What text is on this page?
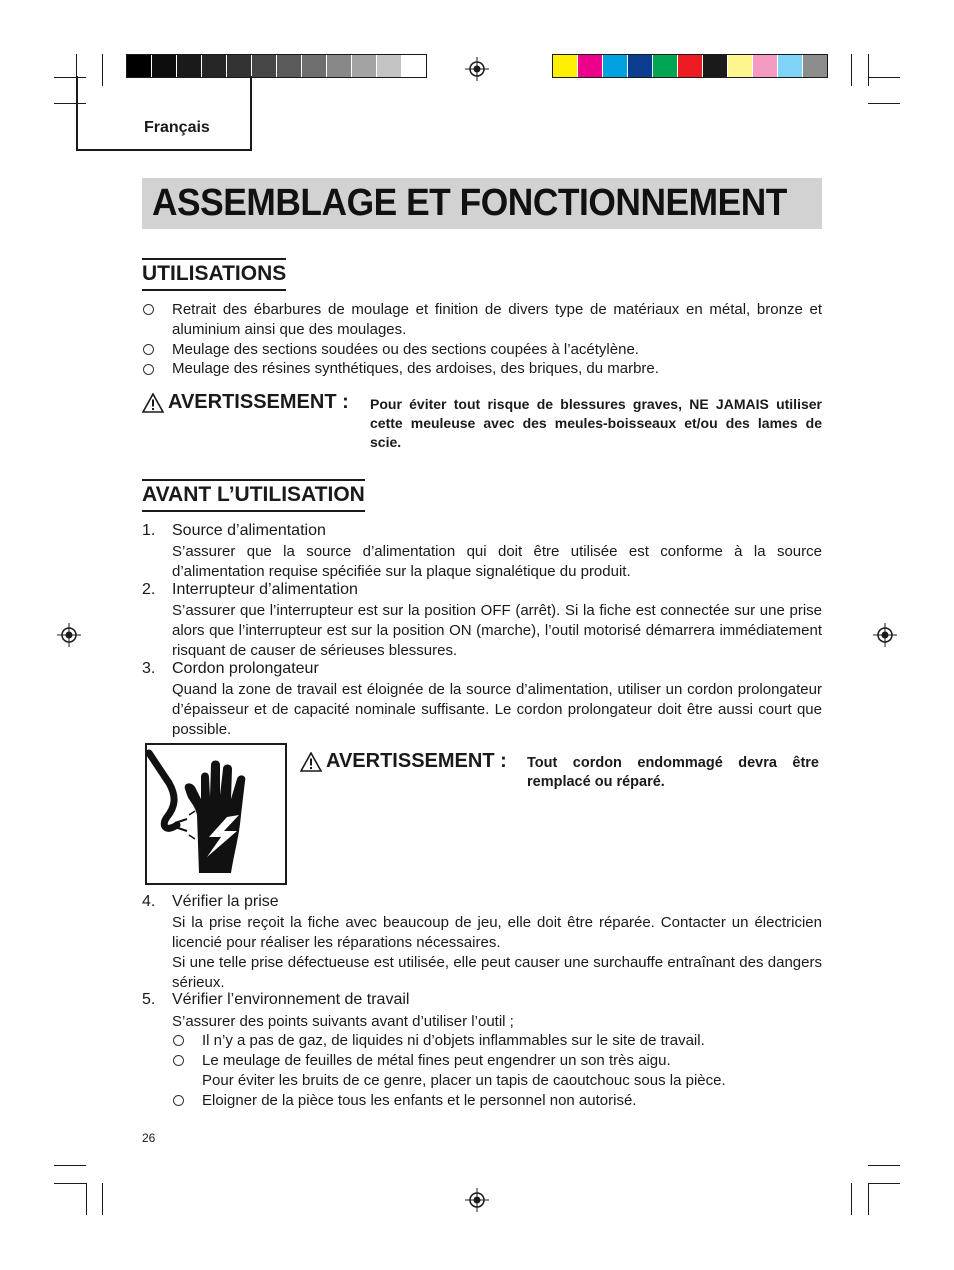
Français
ASSEMBLAGE ET FONCTIONNEMENT
UTILISATIONS
Retrait des ébarbures de moulage et finition de divers type de matériaux en métal, bronze et aluminium ainsi que des moulages.
Meulage des sections soudées ou des sections coupées à l’acétylène.
Meulage des résines synthétiques, des ardoises, des briques, du marbre.
AVERTISSEMENT : Pour éviter tout risque de blessures graves, NE JAMAIS utiliser cette meuleuse avec des meules-boisseaux et/ou des lames de scie.
AVANT L’UTILISATION
1. Source d’alimentation
S’assurer que la source d’alimentation qui doit être utilisée est conforme à la source d’alimentation requise spécifiée sur la plaque signalétique du produit.
2. Interrupteur d’alimentation
S’assurer que l’interrupteur est sur la position OFF (arrêt). Si la fiche est connectée sur une prise alors que l’interrupteur est sur la position ON (marche), l’outil motorisé démarrera immédiatement risquant de causer de sérieuses blessures.
3. Cordon prolongateur
Quand la zone de travail est éloignée de la source d’alimentation, utiliser un cordon prolongateur d’épaisseur et de capacité nominale suffisante. Le cordon prolongateur doit être aussi court que possible.
AVERTISSEMENT : Tout cordon endommagé devra être remplacé ou réparé.
4. Vérifier la prise
Si la prise reçoit la fiche avec beaucoup de jeu, elle doit être réparée. Contacter un électricien licencié pour réaliser les réparations nécessaires.
Si une telle prise défectueuse est utilisée, elle peut causer une surchauffe entraînant des dangers sérieux.
5. Vérifier l’environnement de travail
S’assurer des points suivants avant d’utiliser l’outil ;
Il n’y a pas de gaz, de liquides ni d’objets inflammables sur le site de travail.
Le meulage de feuilles de métal fines peut engendrer un son très aigu.
Pour éviter les bruits de ce genre, placer un tapis de caoutchouc sous la pièce.
Eloigner de la pièce tous les enfants et le personnel non autorisé.
26
